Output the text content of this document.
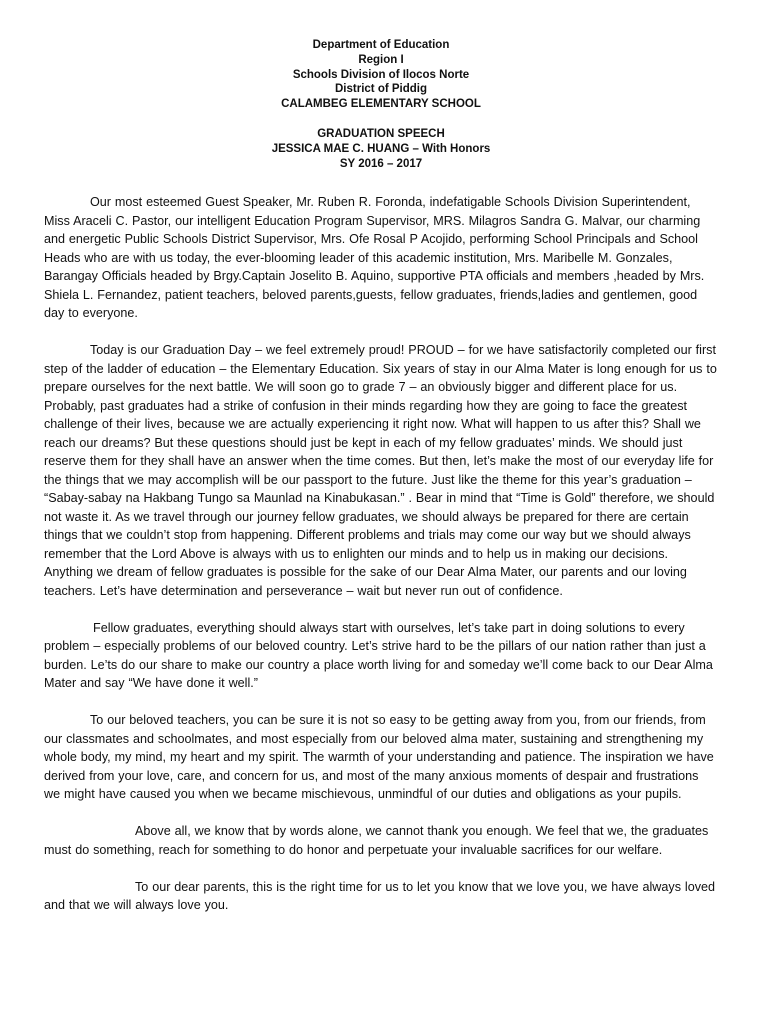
Department of Education
Region I
Schools Division of Ilocos Norte
District of Piddig
CALAMBEG ELEMENTARY SCHOOL
GRADUATION SPEECH
JESSICA MAE C. HUANG – With Honors
SY 2016 – 2017

Our most esteemed Guest Speaker, Mr. Ruben R. Foronda, indefatigable Schools Division Superintendent, Miss Araceli C. Pastor, our intelligent Education Program Supervisor, MRS. Milagros Sandra G. Malvar, our charming and energetic Public Schools District Supervisor, Mrs. Ofe Rosal P Acojido, performing School Principals and School Heads who are with us today, the ever-blooming leader of this academic institution, Mrs. Maribelle M. Gonzales, Barangay Officials headed by Brgy.Captain Joselito B. Aquino, supportive PTA officials and members ,headed by Mrs. Shiela L. Fernandez, patient teachers, beloved parents,guests, fellow graduates, friends,ladies and gentlemen, good day to everyone.

Today is our Graduation Day – we feel extremely proud! PROUD – for we have satisfactorily completed our first step of the ladder of education – the Elementary Education. Six years of stay in our Alma Mater is long enough for us to prepare ourselves for the next battle. We will soon go to grade 7 – an obviously bigger and different place for us. Probably, past graduates had a strike of confusion in their minds regarding how they are going to face the greatest challenge of their lives, because we are actually experiencing it right now. What will happen to us after this? Shall we reach our dreams? But these questions should just be kept in each of my fellow graduates’ minds. We should just reserve them for they shall have an answer when the time comes. But then, let’s make the most of our everyday life for the things that we may accomplish will be our passport to the future. Just like the theme for this year’s graduation – “Sabay-sabay na Hakbang Tungo sa Maunlad na Kinabukasan.” . Bear in mind that “Time is Gold” therefore, we should not waste it. As we travel through our journey fellow graduates, we should always be prepared for there are certain things that we couldn’t stop from happening. Different problems and trials may come our way but we should always remember that the Lord Above is always with us to enlighten our minds and to help us in making our decisions. Anything we dream of fellow graduates is possible for the sake of our Dear Alma Mater, our parents and our loving teachers. Let’s have determination and perseverance – wait but never run out of confidence.

Fellow graduates, everything should always start with ourselves, let’s take part in doing solutions to every problem – especially problems of our beloved country. Let’s strive hard to be the pillars of our nation rather than just a burden. Le’ts do our share to make our country a place worth living for and someday we’ll come back to our Dear Alma Mater and say “We have done it well.”

To our beloved teachers, you can be sure it is not so easy to be getting away from you, from our friends, from our classmates and schoolmates, and most especially from our beloved alma mater, sustaining and strengthening my whole body, my mind, my heart and my spirit. The warmth of your understanding and patience. The inspiration we have derived from your love, care, and concern for us, and most of the many anxious moments of despair and frustrations we might have caused you when we became mischievous, unmindful of our duties and obligations as your pupils.

Above all, we know that by words alone, we cannot thank you enough. We feel that we, the graduates must do something, reach for something to do honor and perpetuate your invaluable sacrifices for our welfare.

To our dear parents, this is the right time for us to let you know that we love you, we have always loved and that we will always love you.
